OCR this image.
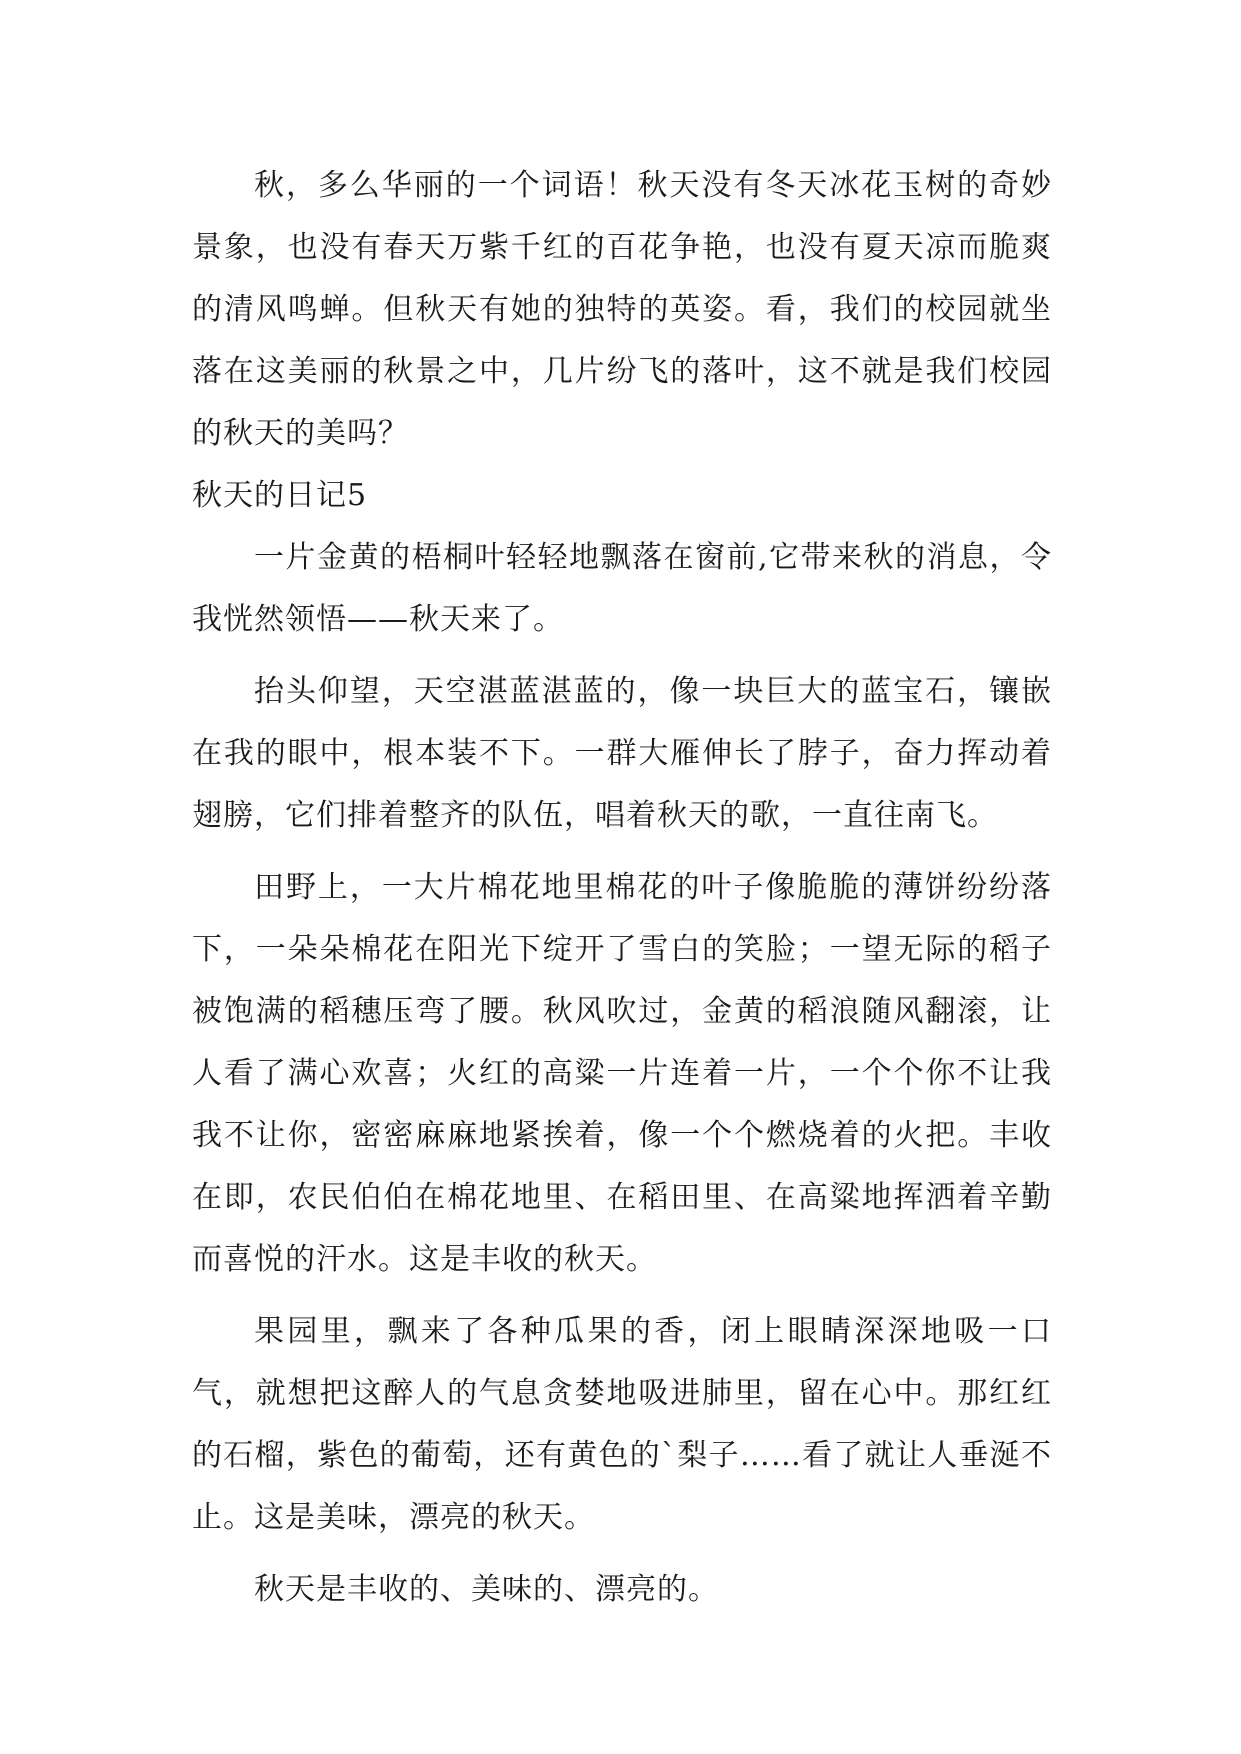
秋，多么华丽的一个词语！秋天没有冬天冰花玉树的奇妙景象，也没有春天万紫千红的百花争艳，也没有夏天凉而脆爽的清风鸣蝉。但秋天有她的独特的英姿。看，我们的校园就坐落在这美丽的秋景之中，几片纷飞的落叶，这不就是我们校园的秋天的美吗？

秋天的日记5

一片金黄的梧桐叶轻轻地飘落在窗前,它带来秋的消息，令我恍然领悟——秋天来了。

抬头仰望，天空湛蓝湛蓝的，像一块巨大的蓝宝石，镶嵌在我的眼中，根本装不下。一群大雁伸长了脖子，奋力挥动着翅膀，它们排着整齐的队伍，唱着秋天的歌，一直往南飞。

田野上，一大片棉花地里棉花的叶子像脆脆的薄饼纷纷落下，一朵朵棉花在阳光下绽开了雪白的笑脸；一望无际的稻子被饱满的稻穗压弯了腰。秋风吹过，金黄的稻浪随风翻滚，让人看了满心欢喜；火红的高粱一片连着一片，一个个你不让我我不让你，密密麻麻地紧挨着，像一个个燃烧着的火把。丰收在即，农民伯伯在棉花地里、在稻田里、在高粱地挥洒着辛勤而喜悦的汗水。这是丰收的秋天。

果园里，飘来了各种瓜果的香，闭上眼睛深深地吸一口气，就想把这醉人的气息贪婪地吸进肺里，留在心中。那红红的石榴，紫色的葡萄，还有黄色的`梨子……看了就让人垂涎不止。这是美味，漂亮的秋天。

秋天是丰收的、美味的、漂亮的。
